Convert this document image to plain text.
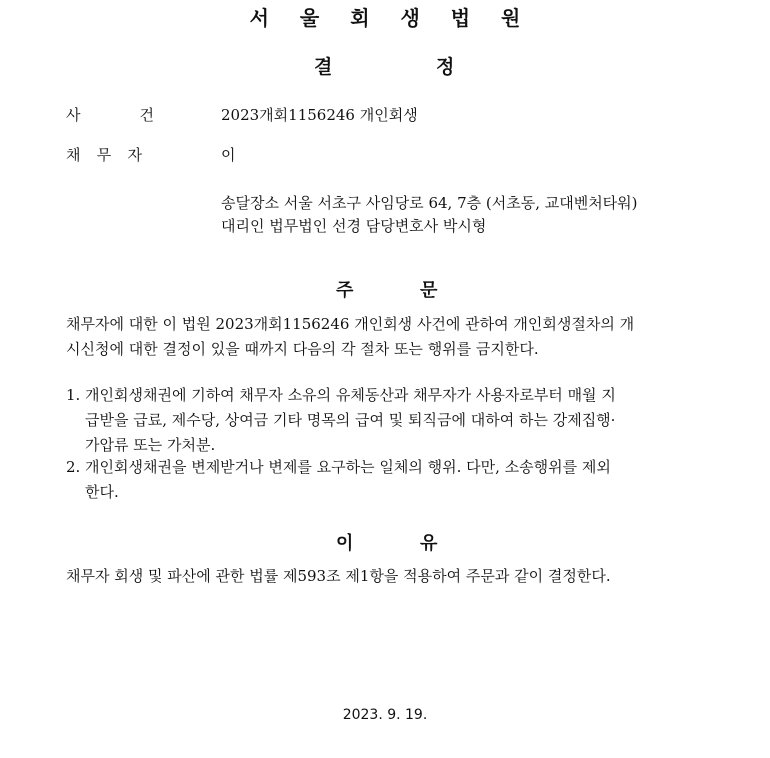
서 울 회 생 법 원
결	정
사	건	2023개회1156246 개인회생
채 무 자	이
송달장소 서울 서초구 사임당로 64, 7층 (서초동, 교대벤처타워)
대리인 법무법인 선경 담당변호사 박시형
주	문
채무자에 대한 이 법원 2023개회1156246 개인회생 사건에 관하여 개인회생절차의 개
시신청에 대한 결정이 있을 때까지 다음의 각 절차 또는 행위를 금지한다.
1. 개인회생채권에 기하여 채무자 소유의 유체동산과 채무자가 사용자로부터 매월 지
급받을 급료, 제수당, 상여금 기타 명목의 급여 및 퇴직금에 대하여 하는 강제집행·
가압류 또는 가처분.
2. 개인회생채권을 변제받거나 변제를 요구하는 일체의 행위. 다만, 소송행위를 제외
한다.
이	유
채무자 회생 및 파산에 관한 법률 제593조 제1항을 적용하여 주문과 같이 결정한다.
2023. 9. 19.
